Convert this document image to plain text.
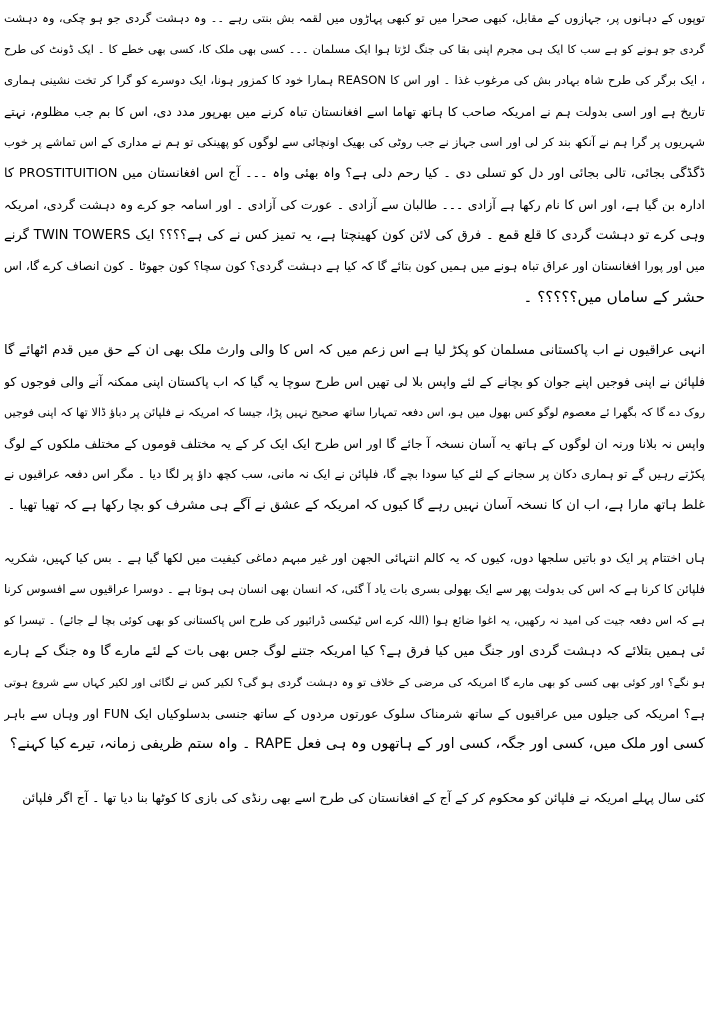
توپوں کے دہانوں پر، جہازوں کے مقابل، کبھی صحرا میں تو کبھی پہاڑوں میں لقمہ بش بنتی رہے ۔۔ وہ دہشت گردی جو ہو چکی، وہ دہشت
گردی جو ہونے کو ہے سب کا ایک ہی مجرم اپنی بقا کی جنگ لڑتا ہوا ایک مسلمان ۔۔۔ کسی بھی ملک کا، کسی بھی خطے کا ۔ ایک ڈونٹ کی طرح
، ایک برگر کی طرح شاہ بہادر بش کی مرغوب غذا ۔ اور اس کا REASON ہمارا خود کا کمزور ہونا، ایک دوسرے کو گرا کر تخت نشینی ہماری
تاریخ ہے اور اسی بدولت ہم نے امریکہ صاحب کا ہاتھ تھاما اسے افغانستان تباہ کرنے میں بھرپور مدد دی، اس کا بم جب مظلوم، نہتے
شہریوں پر گرا ہم نے آنکھ بند کر لی اور اسی جہاز نے جب روٹی کی بھیک اونچائی سے لوگوں کو پھینکی تو ہم نے مداری کے اس تماشے پر خوب
ڈگڈگی بجائی، تالی بجائی اور دل کو تسلی دی ۔ کیا رحم دلی ہے؟ واہ بھئی واہ ۔۔۔ آج اس افغانستان میں PROSTITUITION کا
ادارہ بن گیا ہے، اور اس کا نام رکھا ہے آزادی ۔۔۔ طالبان سے آزادی ۔ عورت کی آزادی ۔ اور اسامہ جو کرے وہ دہشت گردی، امریکہ
وہی کرے تو دہشت گردی کا قلع قمع ۔ فرق کی لائن کون کھینچتا ہے، یہ تمیز کس نے کی ہے؟؟؟؟ ایک TWIN TOWERS گرنے
میں اور پورا افغانستان اور عراق تباہ ہونے میں ہمیں کون بتائے گا کہ کیا ہے دہشت گردی؟ کون سچا؟ کون جھوٹا ۔ کون انصاف کرے گا، اس
حشر کے ساماں میں؟؟؟؟؟ ۔
انہی عراقیوں نے اب پاکستانی مسلمان کو پکڑ لیا ہے اس زعم میں کہ اس کا والی وارث ملک بھی ان کے حق میں قدم اٹھائے گا
فلپائن نے اپنی فوجیں اپنے جوان کو بچانے کے لئے واپس بلا لی تھیں اس طرح سوچا یہ گیا کہ اب پاکستان اپنی ممکنہ آنے والی فوجوں کو
روک دے گا کہ بگھرا ئے معصوم لوگو کس بھول میں ہو، اس دفعہ تمہارا ساتھ صحیح نہیں پڑا، جیسا کہ امریکہ نے فلپائن پر دباؤ ڈالا تھا کہ اپنی فوجیں
واپس نہ بلانا ورنہ ان لوگوں کے ہاتھ یہ آسان نسخہ آ جائے گا اور اس طرح ایک ایک کر کے یہ مختلف قوموں کے مختلف ملکوں کے لوگ
پکڑتے رہیں گے تو ہماری دکان پر سجانے کے لئے کیا سودا بچے گا، فلپائن نے ایک نہ مانی، سب کچھ داؤ پر لگا دیا ۔ مگر اس دفعہ عراقیوں نے
غلط ہاتھ مارا ہے، اب ان کا نسخہ آسان نہیں رہے گا کیوں کہ امریکہ کے عشق نے آگے ہی مشرف کو بچا رکھا ہے کہ تھیا تھیا ۔
ہاں اختتام پر ایک دو باتیں سلجھا دوں، کیوں کہ یہ کالم انتہائی الجھن اور غیر مبہم دماغی کیفیت میں لکھا گیا ہے ۔ بس کیا کہیں، شکریہ
فلپائن کا کرنا ہے کہ اس کی بدولت پھر سے ایک بھولی بسری بات یاد آ گئی، کہ انسان بھی انسان ہی ہوتا ہے ۔ دوسرا عراقیوں سے افسوس کرنا
ہے کہ اس دفعہ جیت کی امید نہ رکھیں، یہ اغوا ضائع ہوا (اللہ کرے اس ٹیکسی ڈرائیور کی طرح اس پاکستانی کو بھی کوئی بچا لے جائے) ۔ تیسرا کو
ئی ہمیں بتلائے کہ دہشت گردی اور جنگ میں کیا فرق ہے؟ کیا امریکہ جتنے لوگ جس بھی بات کے لئے مارے گا وہ جنگ کے ہارے
ہو نگے؟ اور کوئی بھی کسی کو بھی مارے گا امریکہ کی مرضی کے خلاف تو وہ دہشت گردی ہو گی؟ لکیر کس نے لگائی اور لکیر کہاں سے شروع ہوتی
ہے؟ امریکہ کی جیلوں میں عراقیوں کے ساتھ شرمناک سلوک عورتوں مردوں کے ساتھ جنسی بدسلوکیاں ایک FUN اور وہاں سے باہر
کسی اور ملک میں، کسی اور جگہ، کسی اور کے ہاتھوں وہ ہی فعل RAPE ۔ واہ ستم ظریفی زمانہ، تیرے کیا کہنے؟
کئی سال پہلے امریکہ نے فلپائن کو محکوم کر کے آج کے افغانستان کی طرح اسے بھی رنڈی کی بازی کا کوٹھا بنا دیا تھا ۔ آج اگر فلپائن
